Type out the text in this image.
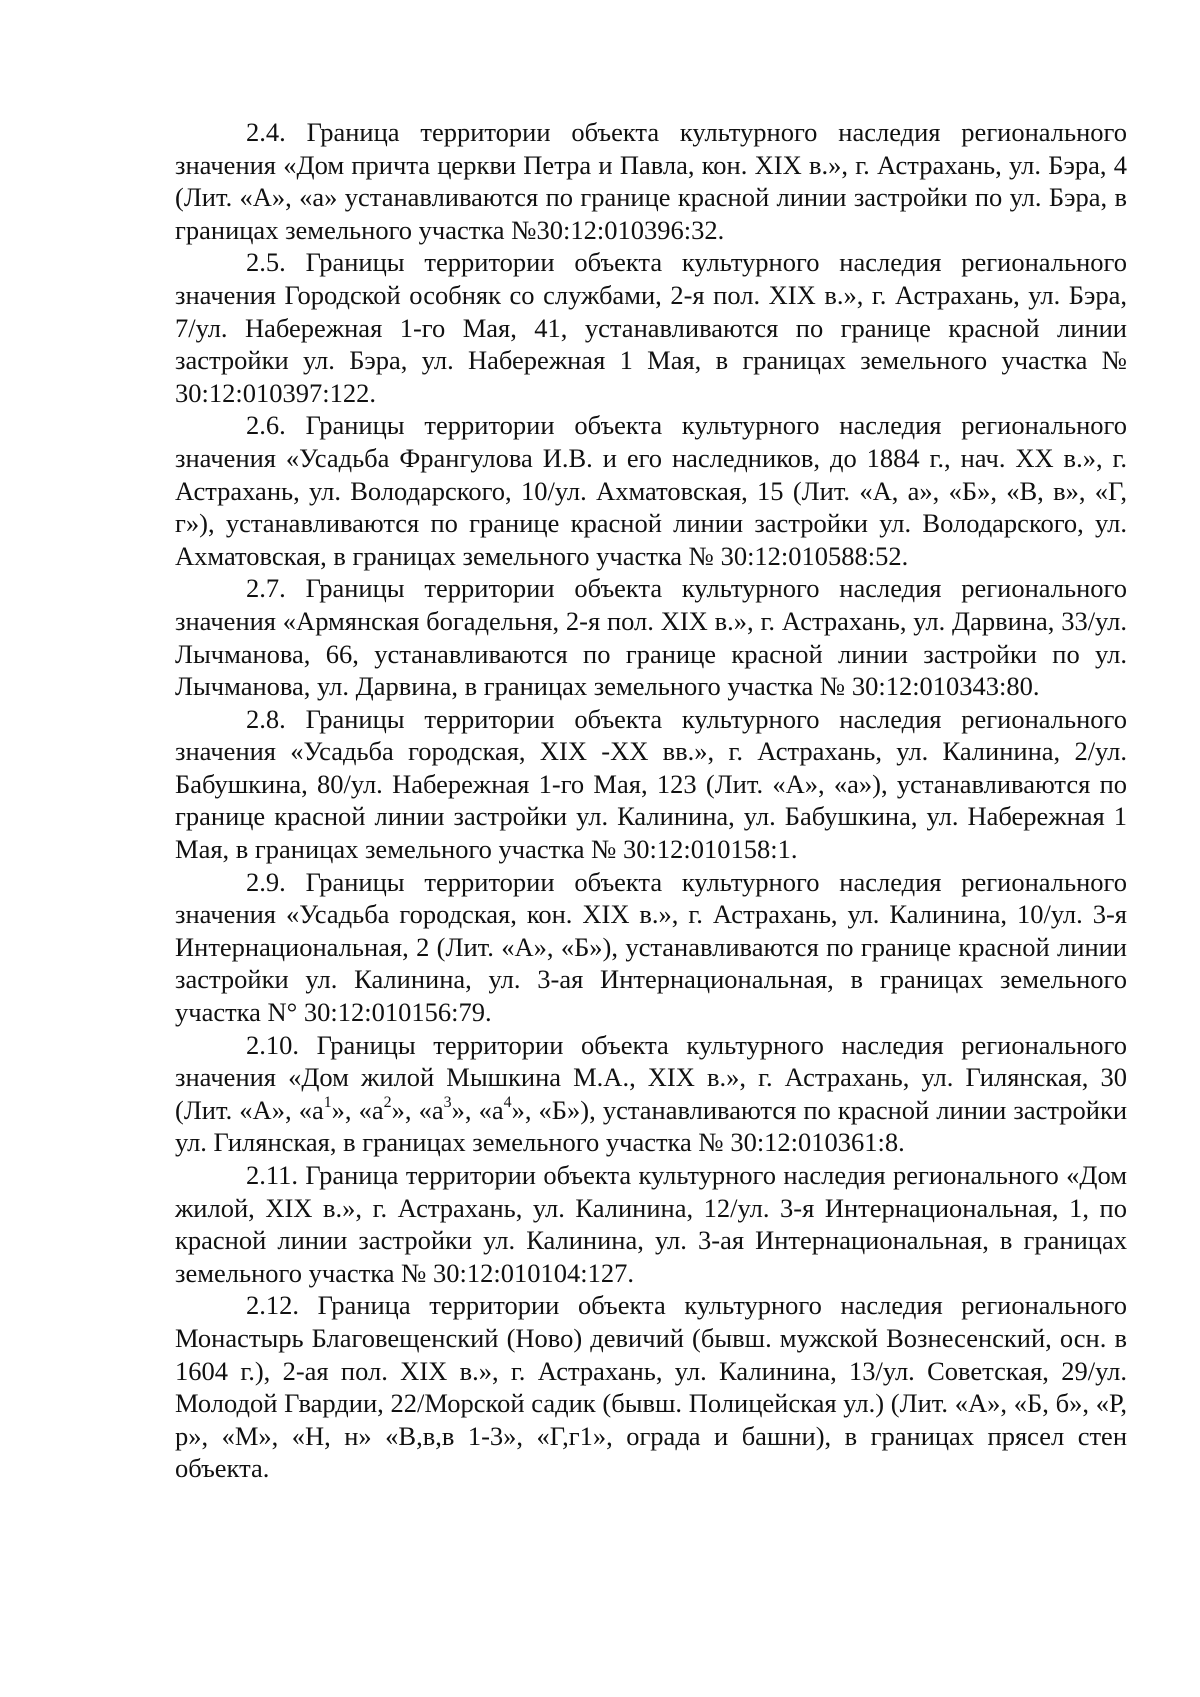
2.4. Граница территории объекта культурного наследия регионального значения «Дом причта церкви Петра и Павла, кон. XIX в.», г. Астрахань, ул. Бэра, 4 (Лит. «А», «а» устанавливаются по границе красной линии застройки по ул. Бэра, в границах земельного участка №30:12:010396:32.

2.5. Границы территории объекта культурного наследия регионального значения Городской особняк со службами, 2-я пол. XIX в.», г. Астрахань, ул. Бэра, 7/ул. Набережная 1-го Мая, 41, устанавливаются по границе красной линии застройки ул. Бэра, ул. Набережная 1 Мая, в границах земельного участка № 30:12:010397:122.

2.6. Границы территории объекта культурного наследия регионального значения «Усадьба Франгулова И.В. и его наследников, до 1884 г., нач. XX в.», г. Астрахань, ул. Володарского, 10/ул. Ахматовская, 15 (Лит. «А, а», «Б», «В, в», «Г, г»), устанавливаются по границе красной линии застройки ул. Володарского, ул. Ахматовская, в границах земельного участка № 30:12:010588:52.

2.7. Границы территории объекта культурного наследия регионального значения «Армянская богадельня, 2-я пол. XIX в.», г. Астрахань, ул. Дарвина, 33/ул. Лычманова, 66, устанавливаются по границе красной линии застройки по ул. Лычманова, ул. Дарвина, в границах земельного участка № 30:12:010343:80.

2.8. Границы территории объекта культурного наследия регионального значения «Усадьба городская, XIX -XX вв.», г. Астрахань, ул. Калинина, 2/ул. Бабушкина, 80/ул. Набережная 1-го Мая, 123 (Лит. «А», «а»), устанавливаются по границе красной линии застройки ул. Калинина, ул. Бабушкина, ул. Набережная 1 Мая, в границах земельного участка № 30:12:010158:1.

2.9. Границы территории объекта культурного наследия регионального значения «Усадьба городская, кон. XIX в.», г. Астрахань, ул. Калинина, 10/ул. 3-я Интернациональная, 2 (Лит. «А», «Б»), устанавливаются по границе красной линии застройки ул. Калинина, ул. 3-ая Интернациональная, в границах земельного участка N° 30:12:010156:79.

2.10. Границы территории объекта культурного наследия регионального значения «Дом жилой Мышкина М.А., XIX в.», г. Астрахань, ул. Гилянская, 30 (Лит. «А», «$а^1$», «$а^2$», «$а^3$», «$а^4$», «Б»), устанавливаются по красной линии застройки ул. Гилянская, в границах земельного участка № 30:12:010361:8.

2.11. Граница территории объекта культурного наследия регионального «Дом жилой, XIX в.», г. Астрахань, ул. Калинина, 12/ул. 3-я Интернациональная, 1, по красной линии застройки ул. Калинина, ул. 3-ая Интернациональная, в границах земельного участка № 30:12:010104:127.

2.12. Граница территории объекта культурного наследия регионального Монастырь Благовещенский (Ново) девичий (бывш. мужской Вознесенский, осн. в 1604 г.), 2-ая пол. XIX в.», г. Астрахань, ул. Калинина, 13/ул. Советская, 29/ул. Молодой Гвардии, 22/Морской садик (бывш. Полицейская ул.) (Лит. «А», «Б, б», «Р, р», «М», «Н, н» «В,в,в 1-3», «Г,г1», ограда и башни), в границах прясел стен объекта.
